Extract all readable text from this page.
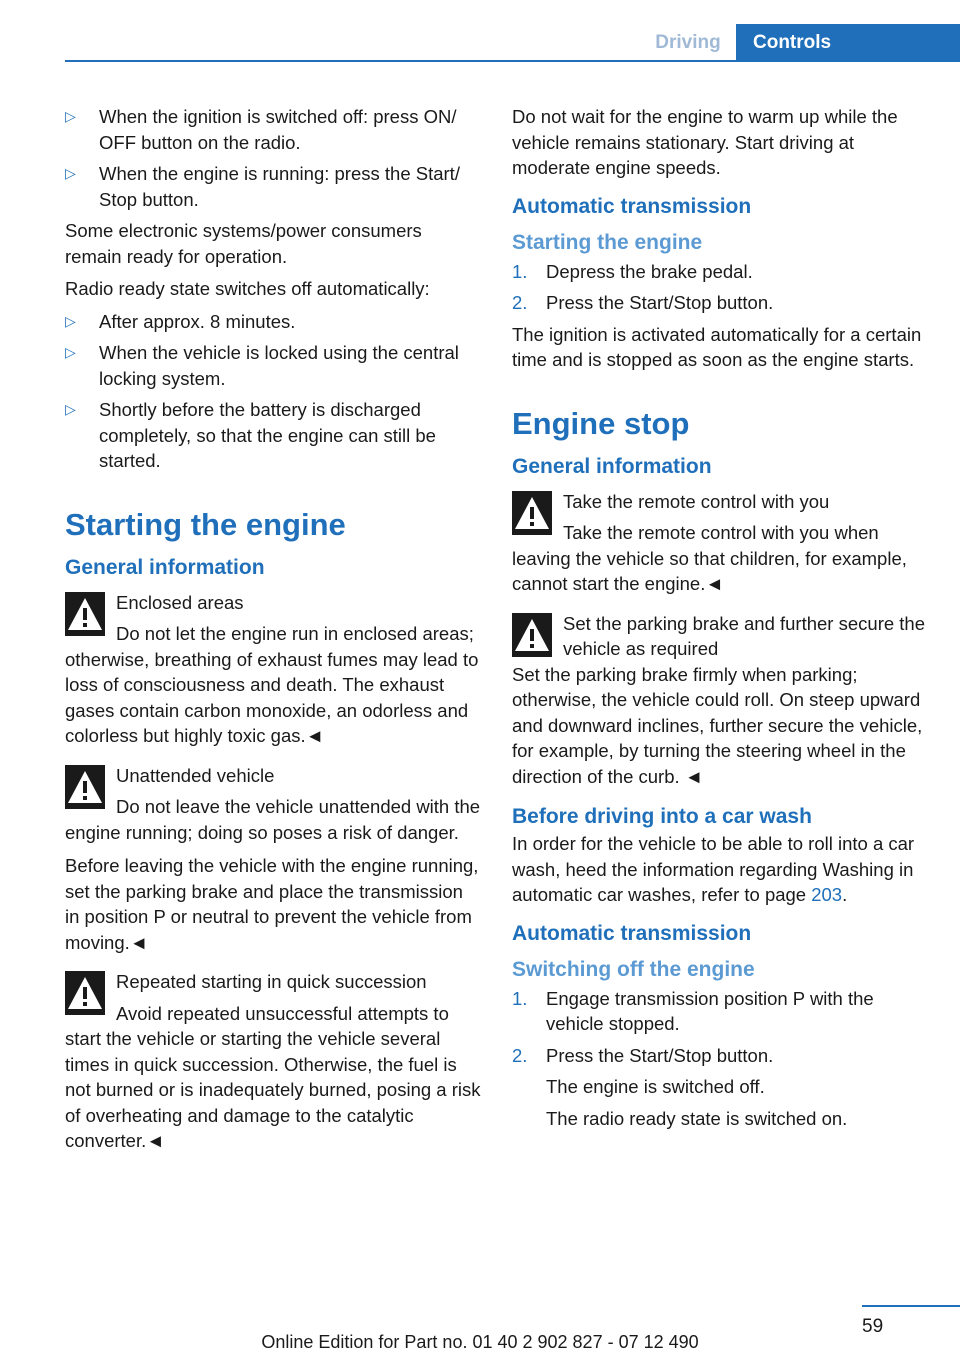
Driving	Controls
▷ When the ignition is switched off: press ON/ OFF button on the radio.
▷ When the engine is running: press the Start/ Stop button.

Some electronic systems/power consumers remain ready for operation.

Radio ready state switches off automatically:

▷ After approx. 8 minutes.
▷ When the vehicle is locked using the central locking system.
▷ Shortly before the battery is discharged completely, so that the engine can still be started.
Starting the engine
General information
Enclosed areas
Do not let the engine run in enclosed areas; otherwise, breathing of exhaust fumes may lead to loss of consciousness and death. The exhaust gases contain carbon monoxide, an odorless and colorless but highly toxic gas.◄
Unattended vehicle
Do not leave the vehicle unattended with the engine running; doing so poses a risk of danger.

Before leaving the vehicle with the engine running, set the parking brake and place the transmission in position P or neutral to prevent the vehicle from moving.◄

Repeated starting in quick succession
Avoid repeated unsuccessful attempts to start the vehicle or starting the vehicle several times in quick succession. Otherwise, the fuel is not burned or is inadequately burned, posing a risk of overheating and damage to the catalytic converter.◄

Do not wait for the engine to warm up while the vehicle remains stationary. Start driving at moderate engine speeds.

Automatic transmission
Starting the engine
1. Depress the brake pedal.
2. Press the Start/Stop button.

The ignition is activated automatically for a certain time and is stopped as soon as the engine starts.

Engine stop
General information
Take the remote control with you
Take the remote control with you when leaving the vehicle so that children, for example, cannot start the engine.◄
Set the parking brake and further secure the vehicle as required
Set the parking brake firmly when parking; otherwise, the vehicle could roll. On steep upward and downward inclines, further secure the vehicle, for example, by turning the steering wheel in the direction of the curb. ◄
Before driving into a car wash

In order for the vehicle to be able to roll into a car wash, heed the information regarding Washing in automatic car washes, refer to page 203.

Automatic transmission
Switching off the engine
1. Engage transmission position P with the vehicle stopped.
2. Press the Start/Stop button.
The engine is switched off.
The radio ready state is switched on.
59
Online Edition for Part no. 01 40 2 902 827 - 07 12 490
